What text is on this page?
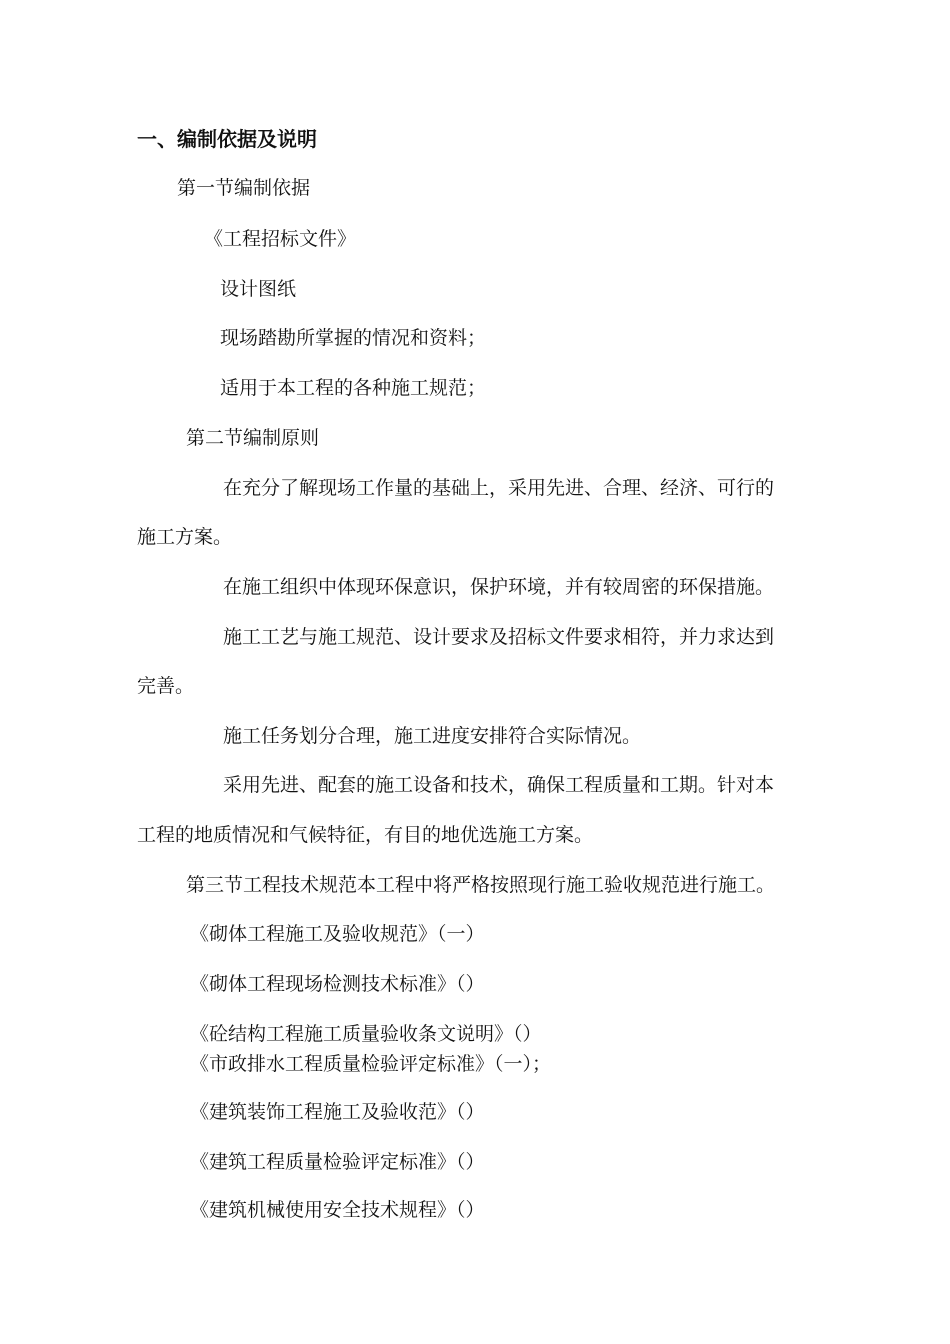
一、编制依据及说明

第一节编制依据

《工程招标文件》

设计图纸

现场踏勘所掌握的情况和资料；

适用于本工程的各种施工规范；

第二节编制原则

在充分了解现场工作量的基础上，采用先进、合理、经济、可行的

施工方案。

在施工组织中体现环保意识，保护环境，并有较周密的环保措施。

施工工艺与施工规范、设计要求及招标文件要求相符，并力求达到

完善。

施工任务划分合理，施工进度安排符合实际情况。

采用先进、配套的施工设备和技术，确保工程质量和工期。针对本

工程的地质情况和气候特征，有目的地优选施工方案。

第三节工程技术规范本工程中将严格按照现行施工验收规范进行施工。

《砌体工程施工及验收规范》（一）

《砌体工程现场检测技术标准》（）

《砼结构工程施工质量验收条文说明》（）

《市政排水工程质量检验评定标准》（一）；

《建筑装饰工程施工及验收范》（）

《建筑工程质量检验评定标准》（）

《建筑机械使用安全技术规程》（）
